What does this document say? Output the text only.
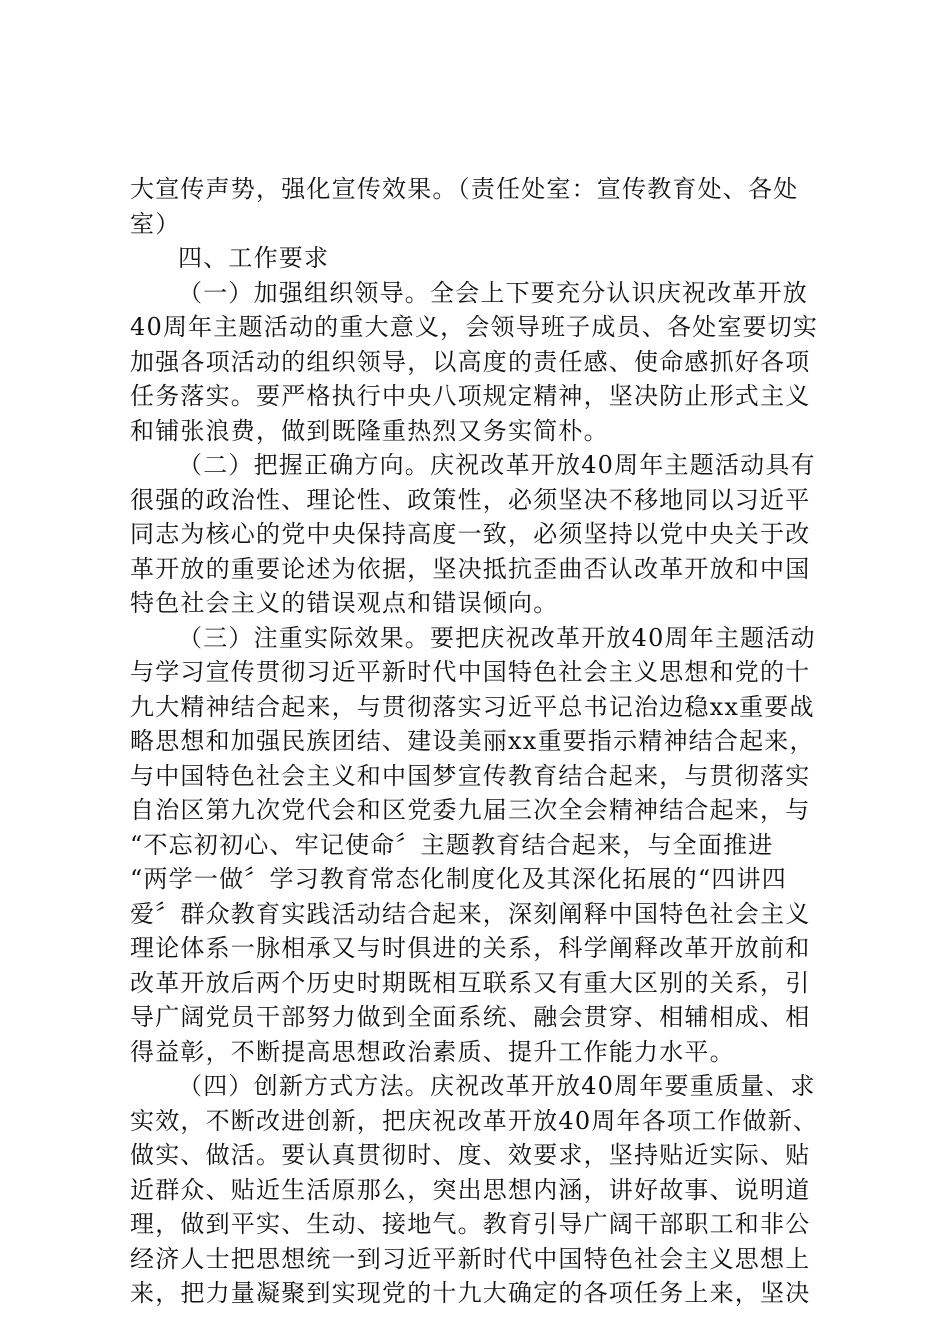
大宣传声势，强化宣传效果。（责任处室：宣传教育处、各处
室）
四、工作要求
（一）加强组织领导。全会上下要充分认识庆祝改革开放
40周年主题活动的重大意义，会领导班子成员、各处室要切实
加强各项活动的组织领导，以高度的责任感、使命感抓好各项
任务落实。要严格执行中央八项规定精神，坚决防止形式主义
和铺张浪费，做到既隆重热烈又务实简朴。
（二）把握正确方向。庆祝改革开放40周年主题活动具有
很强的政治性、理论性、政策性，必须坚决不移地同以习近平
同志为核心的党中央保持高度一致，必须坚持以党中央关于改
革开放的重要论述为依据，坚决抵抗歪曲否认改革开放和中国
特色社会主义的错误观点和错误倾向。
（三）注重实际效果。要把庆祝改革开放40周年主题活动
与学习宣传贯彻习近平新时代中国特色社会主义思想和党的十
九大精神结合起来，与贯彻落实习近平总书记治边稳xx重要战
略思想和加强民族团结、建设美丽xx重要指示精神结合起来，
与中国特色社会主义和中国梦宣传教育结合起来，与贯彻落实
自治区第九次党代会和区党委九届三次全会精神结合起来，与
“不忘初初心、牢记使命〞主题教育结合起来，与全面推进
“两学一做〞学习教育常态化制度化及其深化拓展的“四讲四
爱〞群众教育实践活动结合起来，深刻阐释中国特色社会主义
理论体系一脉相承又与时俱进的关系，科学阐释改革开放前和
改革开放后两个历史时期既相互联系又有重大区别的关系，引
导广阔党员干部努力做到全面系统、融会贯穿、相辅相成、相
得益彰，不断提高思想政治素质、提升工作能力水平。
（四）创新方式方法。庆祝改革开放40周年要重质量、求
实效，不断改进创新，把庆祝改革开放40周年各项工作做新、
做实、做活。要认真贯彻时、度、效要求，坚持贴近实际、贴
近群众、贴近生活原那么，突出思想内涵，讲好故事、说明道
理，做到平实、生动、接地气。教育引导广阔干部职工和非公
经济人士把思想统一到习近平新时代中国特色社会主义思想上
来，把力量凝聚到实现党的十九大确定的各项任务上来，坚决
